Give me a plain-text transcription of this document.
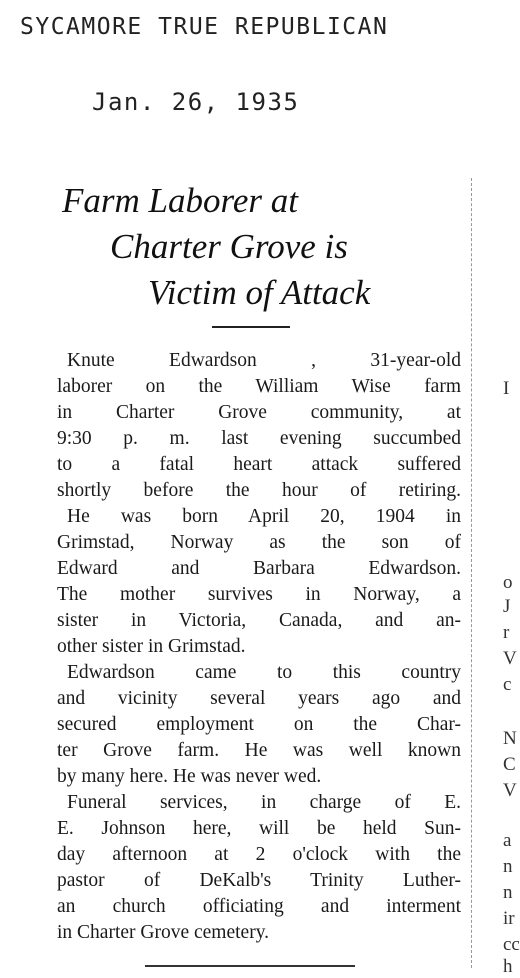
SYCAMORE TRUE REPUBLICAN
Jan. 26, 1935
Farm Laborer at
Charter Grove is
Victim of Attack

Knute Edwardson , 31-year-old
laborer on the William Wise farm
in Charter Grove community, at
9:30 p. m. last evening succumbed
to a fatal heart attack suffered
shortly before the hour of retiring.

He was born April 20, 1904 in
Grimstad, Norway as the son of
Edward and Barbara Edwardson.
The mother survives in Norway, a
sister in Victoria, Canada, and an-
other sister in Grimstad.

Edwardson came to this country
and vicinity several years ago and
secured employment on the Char-
ter Grove farm. He was well known
by many here. He was never wed.

Funeral services, in charge of E.
E. Johnson here, will be held Sun-
day afternoon at 2 o'clock with the
pastor of DeKalb's Trinity Luther-
an church officiating and interment
in Charter Grove cemetery.

I
o
J
r
V
c
N
C
V
a
n
n
ir
cc
h
